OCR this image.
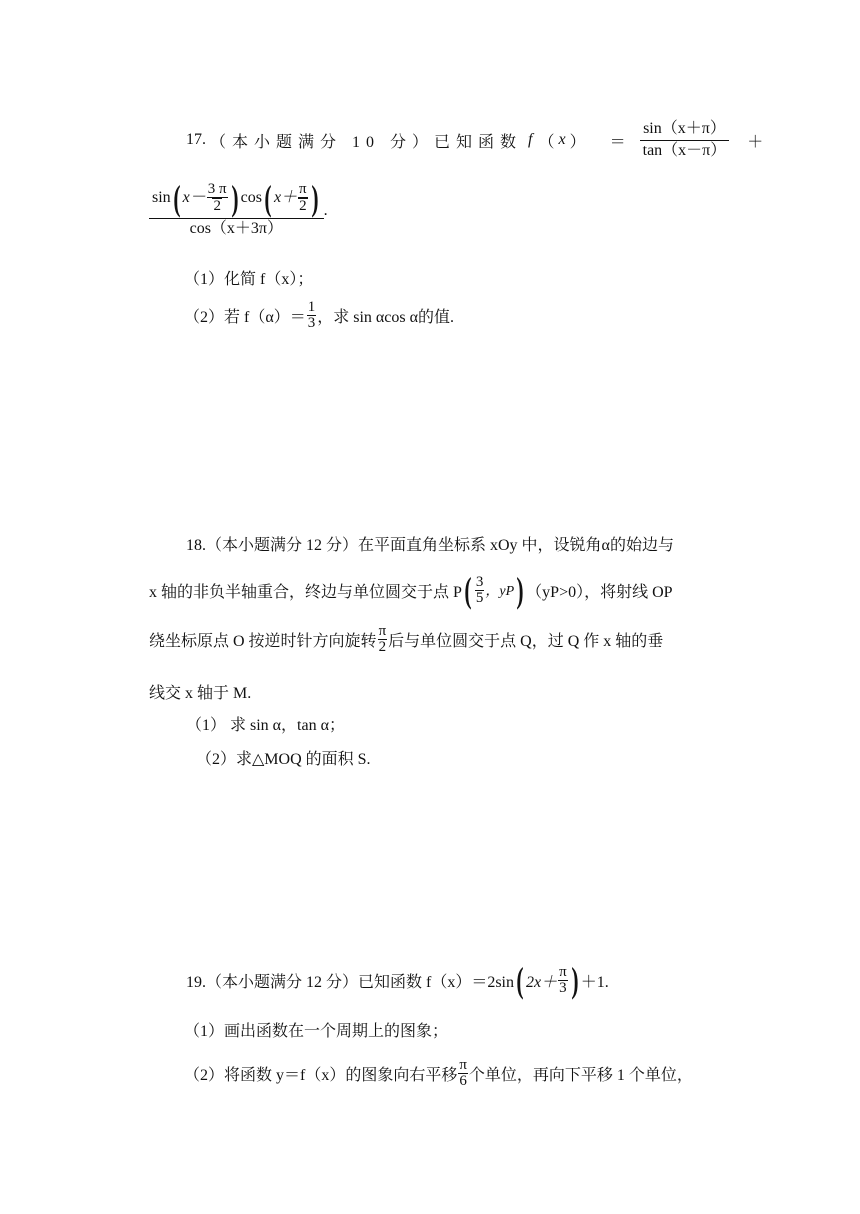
17. （本小题满分 10 分）已知函数 f （ x ） ＝ $\frac{\sin(x+\pi)}{\tan(x-\pi)}$ ＋
sin ( $x- \frac{3 \pi}{2}$
) cos ( $x+ \frac{\pi}{2}$
)
cos（x＋3π）
.
（1）化简 f（x）；
（2）若 $f(\alpha)= \frac{1}{3}$ ，求 sin αcos α的值.
18.（本小题满分 12 分）在平面直角坐标系 xOy 中，设锐角α的始边与
x 轴的非负半轴重合，终边与单位圆交于点 P ( $\frac{3}{5}$ ，yP
) （yP>0），将射线 OP
绕坐标原点 O 按逆时针方向旋转 $\frac{\pi}{2}$ 后与单位圆交于点 Q，过 Q 作 x 轴的垂
线交 x 轴于 M.
（1） 求 sin α，tan α；
（2）求△MOQ 的面积 S.
19.（本小题满分 12 分）已知函数 f（x）＝2sin ( $2x+ \frac{\pi}{3}$
) ＋1.
（1）画出函数在一个周期上的图象；
（2）将函数 y＝f（x）的图象向右平移 $\frac{\pi}{6}$ 个单位，再向下平移 1 个单位，
